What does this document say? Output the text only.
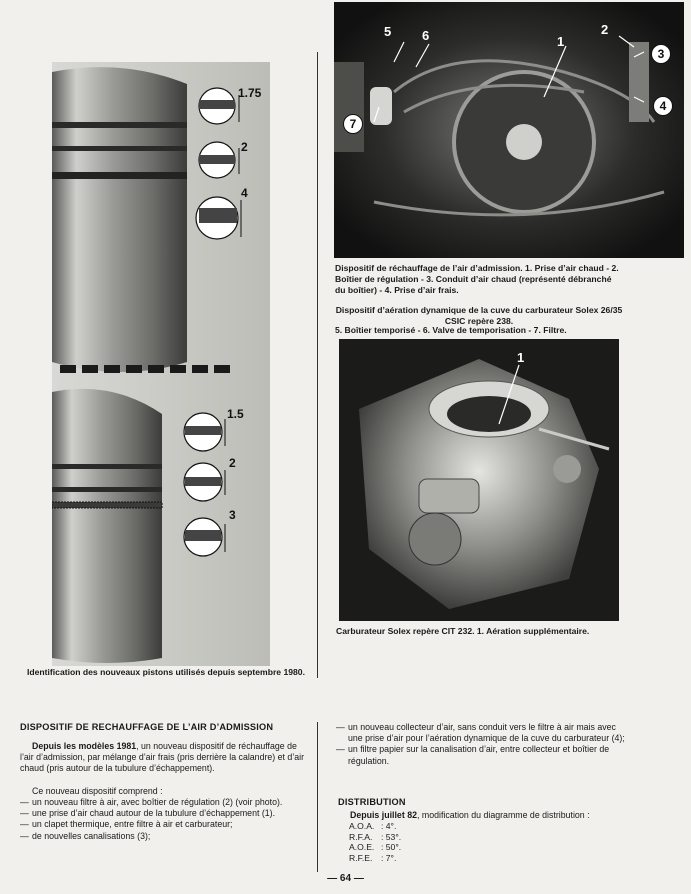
1.75
2
4
1.5
2
3
Identification des nouveaux pistons utilisés depuis septembre 1980.
5 6	1
2
3
4
7
Dispositif de réchauffage de l’air d’admission. 1. Prise d’air chaud - 2. Boîtier de régulation - 3. Conduit d’air chaud (représenté débranché du boîtier) - 4. Prise d’air frais.
Dispositif d’aération dynamique de la cuve du carburateur Solex 26/35 CSIC repère 238.
5. Boîtier temporisé - 6. Valve de temporisation - 7. Filtre.
1
Carburateur Solex repère CIT 232. 1. Aération supplémentaire.
DISPOSITIF DE RECHAUFFAGE DE L’AIR D’ADMISSION
Depuis les modèles 1981, un nouveau dispositif de réchauffage de l’air d’admission, par mélange d’air frais (pris derrière la calandre) et d’air chaud (pris autour de la tubulure d’échappement).
Ce nouveau dispositif comprend :
— un nouveau filtre à air, avec boîtier de régulation (2) (voir photo).
— une prise d’air chaud autour de la tubulure d’échappement (1).
— un clapet thermique, entre filtre à air et carburateur;
— de nouvelles canalisations (3);
— un nouveau collecteur d’air, sans conduit vers le filtre à air mais avec une prise d’air pour l’aération dynamique de la cuve du carburateur (4);
— un filtre papier sur la canalisation d’air, entre collecteur et boîtier de régulation.
DISTRIBUTION
Depuis juillet 82, modification du diagramme de distribution :
A.O.A. : 4°.
R.F.A. : 53°.
A.O.E. : 50°.
R.F.E. : 7°.
— 64 —
